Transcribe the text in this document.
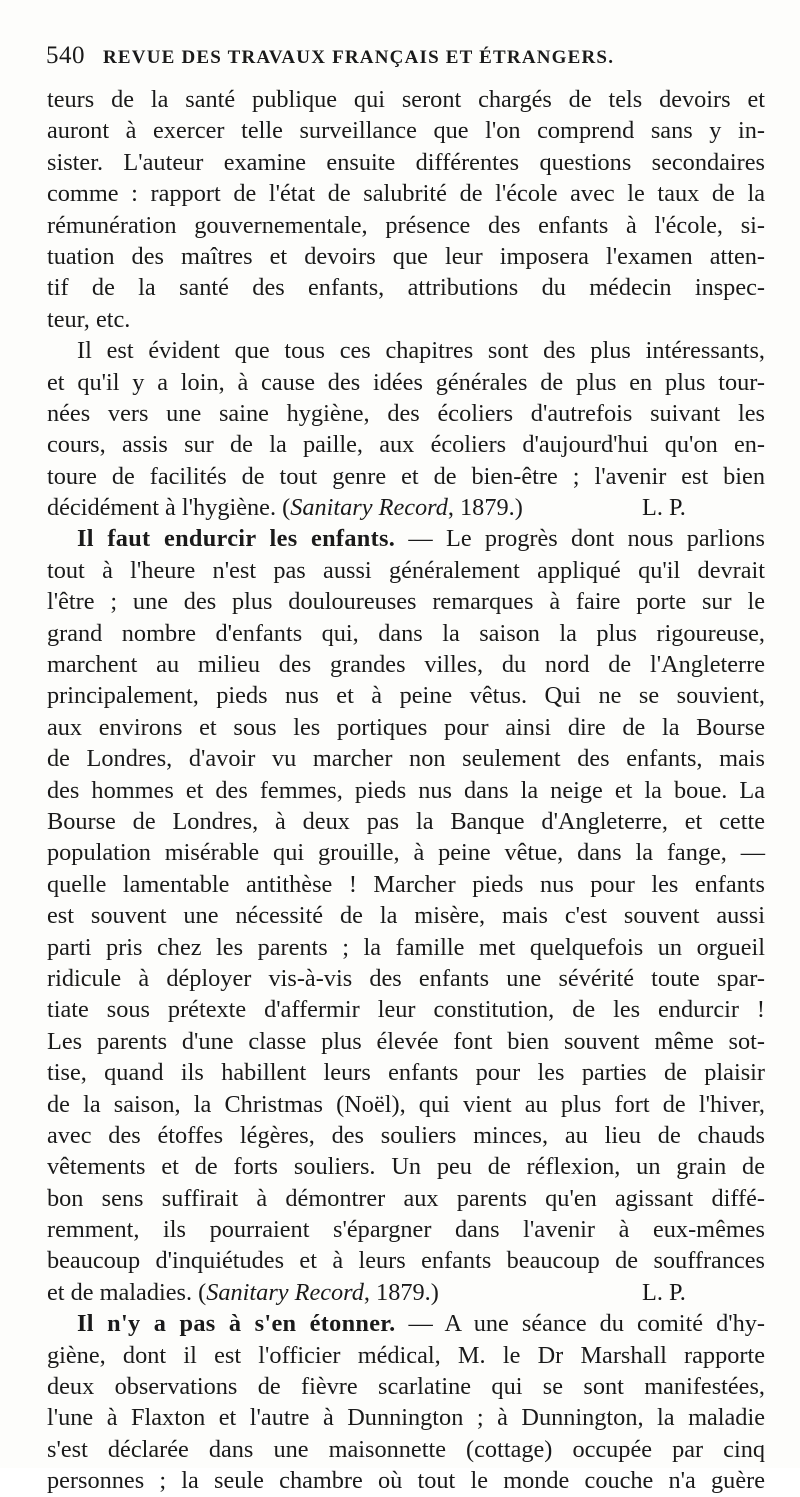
540 REVUE DES TRAVAUX FRANÇAIS ET ÉTRANGERS.
teurs de la santé publique qui seront chargés de tels devoirs et
auront à exercer telle surveillance que l'on comprend sans y in-
sister. L'auteur examine ensuite différentes questions secondaires
comme : rapport de l'état de salubrité de l'école avec le taux de la
rémunération gouvernementale, présence des enfants à l'école, si-
tuation des maîtres et devoirs que leur imposera l'examen atten-
tif de la santé des enfants, attributions du médecin inspec-
teur, etc.
Il est évident que tous ces chapitres sont des plus intéressants,
et qu'il y a loin, à cause des idées générales de plus en plus tour-
nées vers une saine hygiène, des écoliers d'autrefois suivant les
cours, assis sur de la paille, aux écoliers d'aujourd'hui qu'on en-
toure de facilités de tout genre et de bien-être ; l'avenir est bien
décidément à l'hygiène. (Sanitary Record, 1879.)	L. P.
Il faut endurcir les enfants. — Le progrès dont nous parlions
tout à l'heure n'est pas aussi généralement appliqué qu'il devrait
l'être ; une des plus douloureuses remarques à faire porte sur le
grand nombre d'enfants qui, dans la saison la plus rigoureuse,
marchent au milieu des grandes villes, du nord de l'Angleterre
principalement, pieds nus et à peine vêtus. Qui ne se souvient,
aux environs et sous les portiques pour ainsi dire de la Bourse
de Londres, d'avoir vu marcher non seulement des enfants, mais
des hommes et des femmes, pieds nus dans la neige et la boue. La
Bourse de Londres, à deux pas la Banque d'Angleterre, et cette
population misérable qui grouille, à peine vêtue, dans la fange, —
quelle lamentable antithèse ! Marcher pieds nus pour les enfants
est souvent une nécessité de la misère, mais c'est souvent aussi
parti pris chez les parents ; la famille met quelquefois un orgueil
ridicule à déployer vis-à-vis des enfants une sévérité toute spar-
tiate sous prétexte d'affermir leur constitution, de les endurcir !
Les parents d'une classe plus élevée font bien souvent même sot-
tise, quand ils habillent leurs enfants pour les parties de plaisir
de la saison, la Christmas (Noël), qui vient au plus fort de l'hiver,
avec des étoffes légères, des souliers minces, au lieu de chauds
vêtements et de forts souliers. Un peu de réflexion, un grain de
bon sens suffirait à démontrer aux parents qu'en agissant diffé-
remment, ils pourraient s'épargner dans l'avenir à eux-mêmes
beaucoup d'inquiétudes et à leurs enfants beaucoup de souffrances
et de maladies. (Sanitary Record, 1879.)	L. P.
Il n'y a pas à s'en étonner. — A une séance du comité d'hy-
giène, dont il est l'officier médical, M. le Dr Marshall rapporte
deux observations de fièvre scarlatine qui se sont manifestées,
l'une à Flaxton et l'autre à Dunnington ; à Dunnington, la maladie
s'est déclarée dans une maisonnette (cottage) occupée par cinq
personnes ; la seule chambre où tout le monde couche n'a guère
